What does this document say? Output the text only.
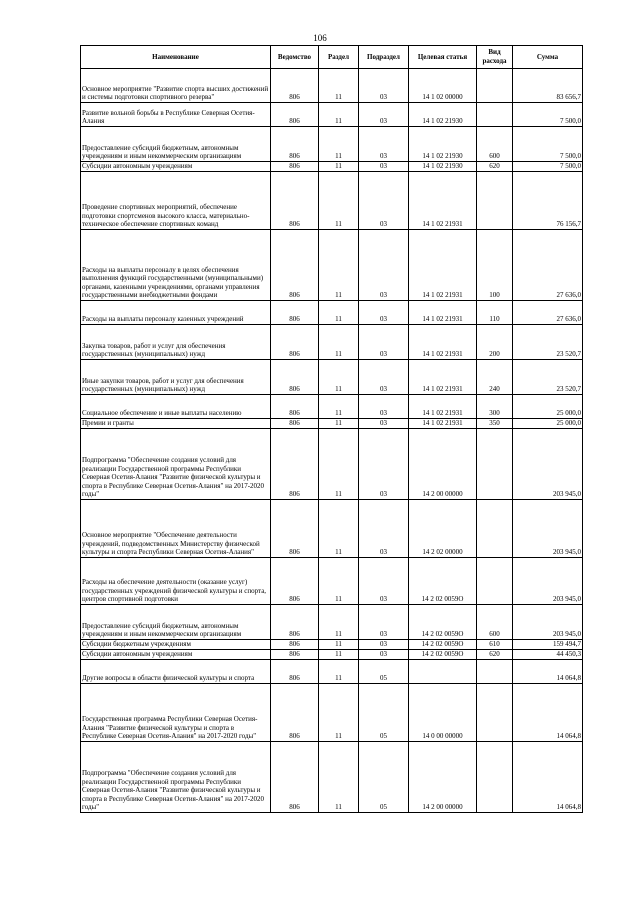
106
Наименование	Ведомство	Раздел	Подраздел	Целевая статья	Вид расхода	Сумма
Основное мероприятие "Развитие спорта высших достижений и системы подготовки спортивного резерва"	806	11	03	14 1 02 00000		83 656,7
Развитие вольной борьбы в Республике Северная Осетия-Алания	806	11	03	14 1 02 21930		7 500,0
Предоставление субсидий бюджетным, автономным учреждениям и иным некоммерческим организациям	806	11	03	14 1 02 21930	600	7 500,0
Субсидии автономным учреждениям	806	11	03	14 1 02 21930	620	7 500,0
Проведение спортивных мероприятий, обеспечение подготовки спортсменов высокого класса, материально-техническое обеспечение спортивных команд	806	11	03	14 1 02 21931		76 156,7
Расходы на выплаты персоналу в целях обеспечения выполнения функций государственными (муниципальными) органами, казенными учреждениями, органами управления государственными внебюджетными фондами	806	11	03	14 1 02 21931	100	27 636,0
Расходы на выплаты персоналу казенных учреждений	806	11	03	14 1 02 21931	110	27 636,0
Закупка товаров, работ и услуг для обеспечения государственных (муниципальных) нужд	806	11	03	14 1 02 21931	200	23 520,7
Иные закупки товаров, работ и услуг для обеспечения государственных (муниципальных) нужд	806	11	03	14 1 02 21931	240	23 520,7
Социальное обеспечение и иные выплаты населению	806	11	03	14 1 02 21931	300	25 000,0
Премии и гранты	806	11	03	14 1 02 21931	350	25 000,0
Подпрограмма "Обеспечение создания условий для реализации Государственной программы Республики Северная Осетия-Алания "Развитие физической культуры и спорта в Республике Северная Осетия-Алания" на 2017-2020 годы"	806	11	03	14 2 00 00000		203 945,0
Основное мероприятие "Обеспечение деятельности учреждений, подведомственных Министерству физической культуры и спорта Республики Северная Осетия-Алания"	806	11	03	14 2 02 00000		203 945,0
Расходы на обеспечение деятельности (оказание услуг) государственных учреждений физической культуры и спорта, центров спортивной подготовки	806	11	03	14 2 02 0059О		203 945,0
Предоставление субсидий бюджетным, автономным учреждениям и иным некоммерческим организациям	806	11	03	14 2 02 0059О	600	203 945,0
Субсидии бюджетным учреждениям	806	11	03	14 2 02 0059О	610	159 494,7
Субсидии автономным учреждениям	806	11	03	14 2 02 0059О	620	44 450,3
Другие вопросы в области физической культуры и спорта	806	11	05			14 064,8
Государственная программа Республики Северная Осетия-Алания "Развитие физической культуры и спорта в Республике Северная Осетия-Алания" на 2017-2020 годы"	806	11	05	14 0 00 00000		14 064,8
Подпрограмма "Обеспечение создания условий для реализации Государственной программы Республики Северная Осетия-Алания "Развитие физической культуры и спорта в Республике Северная Осетия-Алания" на 2017-2020 годы"	806	11	05	14 2 00 00000		14 064,8
